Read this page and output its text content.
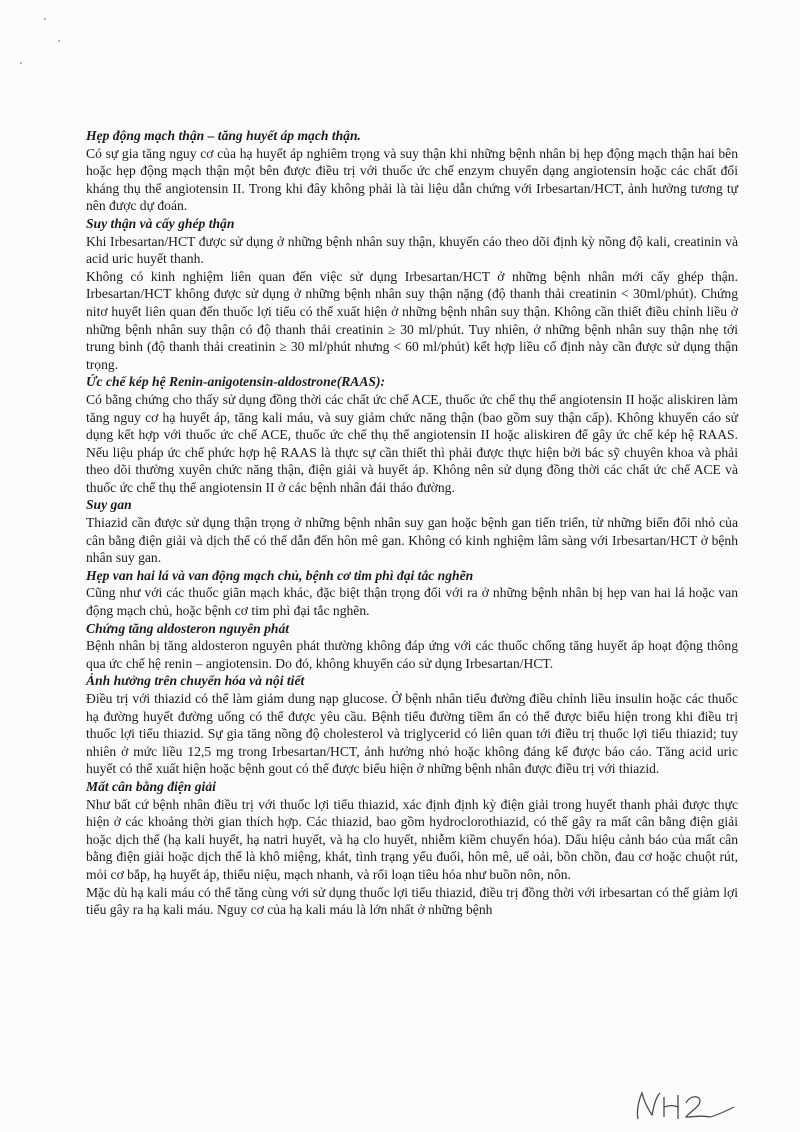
Hẹp động mạch thận – tăng huyết áp mạch thận.

Có sự gia tăng nguy cơ của hạ huyết áp nghiêm trọng và suy thận khi những bệnh nhân bị hẹp động mạch thận hai bên hoặc hẹp động mạch thận một bên được điều trị với thuốc ức chế enzym chuyển dạng angiotensin hoặc các chất đối kháng thụ thể angiotensin II. Trong khi đây không phải là tài liệu dẫn chứng với Irbesartan/HCT, ảnh hưởng tương tự nên được dự đoán.

Suy thận và cấy ghép thận

Khi Irbesartan/HCT được sử dụng ở những bệnh nhân suy thận, khuyến cáo theo dõi định kỳ nồng độ kali, creatinin và acid uric huyết thanh.

Không có kinh nghiệm liên quan đến việc sử dụng Irbesartan/HCT ở những bệnh nhân mới cấy ghép thận. Irbesartan/HCT không được sử dụng ở những bệnh nhân suy thận nặng (độ thanh thải creatinin < 30ml/phút). Chứng nitơ huyết liên quan đến thuốc lợi tiểu có thể xuất hiện ở những bệnh nhân suy thận. Không cần thiết điều chỉnh liều ở những bệnh nhân suy thận có độ thanh thải creatinin ≥ 30 ml/phút. Tuy nhiên, ở những bệnh nhân suy thận nhẹ tới trung bình (độ thanh thải creatinin ≥ 30 ml/phút nhưng < 60 ml/phút) kết hợp liều cố định này cần được sử dụng thận trọng.

Ức chế kép hệ Renin-anigotensin-aldostrone(RAAS):

Có bằng chứng cho thấy sử dụng đồng thời các chất ức chế ACE, thuốc ức chế thụ thể angiotensin II hoặc aliskiren làm tăng nguy cơ hạ huyết áp, tăng kali máu, và suy giảm chức năng thận (bao gồm suy thận cấp). Không khuyến cáo sử dụng kết hợp với thuốc ức chế ACE, thuốc ức chế thụ thể angiotensin II hoặc aliskiren để gây ức chế kép hệ RAAS. Nếu liệu pháp ức chế phức hợp hệ RAAS là thực sự cần thiết thì phải được thực hiện bởi bác sỹ chuyên khoa và phải theo dõi thường xuyên chức năng thận, điện giải và huyết áp. Không nên sử dụng đồng thời các chất ức chế ACE và thuốc ức chế thụ thể angiotensin II ở các bệnh nhân đái tháo đường.

Suy gan

Thiazid cần được sử dụng thận trọng ở những bệnh nhân suy gan hoặc bệnh gan tiến triển, từ những biến đổi nhỏ của cân bằng điện giải và dịch thể có thể dẫn đến hôn mê gan. Không có kinh nghiệm lâm sàng với Irbesartan/HCT ở bệnh nhân suy gan.

Hẹp van hai lá và van động mạch chủ, bệnh cơ tim phì đại tắc nghẽn

Cũng như với các thuốc giãn mạch khác, đặc biệt thận trọng đối với ra ở những bệnh nhân bị hẹp van hai lá hoặc van động mạch chủ, hoặc bệnh cơ tim phì đại tắc nghẽn.

Chứng tăng aldosteron nguyên phát

Bệnh nhân bị tăng aldosteron nguyên phát thường không đáp ứng với các thuốc chống tăng huyết áp hoạt động thông qua ức chế hệ renin – angiotensin. Do đó, không khuyến cáo sử dụng Irbesartan/HCT.

Ảnh hưởng trên chuyển hóa và nội tiết

Điều trị với thiazid có thể làm giảm dung nạp glucose. Ở bệnh nhân tiểu đường điều chỉnh liều insulin hoặc các thuốc hạ đường huyết đường uống có thể được yêu cầu. Bệnh tiểu đường tiềm ẩn có thể được biểu hiện trong khi điều trị thuốc lợi tiểu thiazid. Sự gia tăng nồng độ cholesterol và triglycerid có liên quan tới điều trị thuốc lợi tiểu thiazid; tuy nhiên ở mức liều 12,5 mg trong Irbesartan/HCT, ảnh hưởng nhỏ hoặc không đáng kể được báo cáo. Tăng acid uric huyết có thể xuất hiện hoặc bệnh gout có thể được biểu hiện ở những bệnh nhân được điều trị với thiazid.

Mất cân bằng điện giải

Như bất cứ bệnh nhân điều trị với thuốc lợi tiểu thiazid, xác định định kỳ điện giải trong huyết thanh phải được thực hiện ở các khoảng thời gian thích hợp. Các thiazid, bao gồm hydroclorothiazid, có thể gây ra mất cân bằng điện giải hoặc dịch thể (hạ kali huyết, hạ natri huyết, và hạ clo huyết, nhiễm kiềm chuyển hóa). Dấu hiệu cảnh báo của mất cân bằng điện giải hoặc dịch thể là khô miệng, khát, tình trạng yếu đuối, hôn mê, uể oải, bồn chồn, đau cơ hoặc chuột rút, mỏi cơ bắp, hạ huyết áp, thiểu niệu, mạch nhanh, và rối loạn tiêu hóa như buồn nôn, nôn.

Mặc dù hạ kali máu có thể tăng cùng với sử dụng thuốc lợi tiểu thiazid, điều trị đồng thời với irbesartan có thể giảm lợi tiểu gây ra hạ kali máu. Nguy cơ của hạ kali máu là lớn nhất ở những bệnh
